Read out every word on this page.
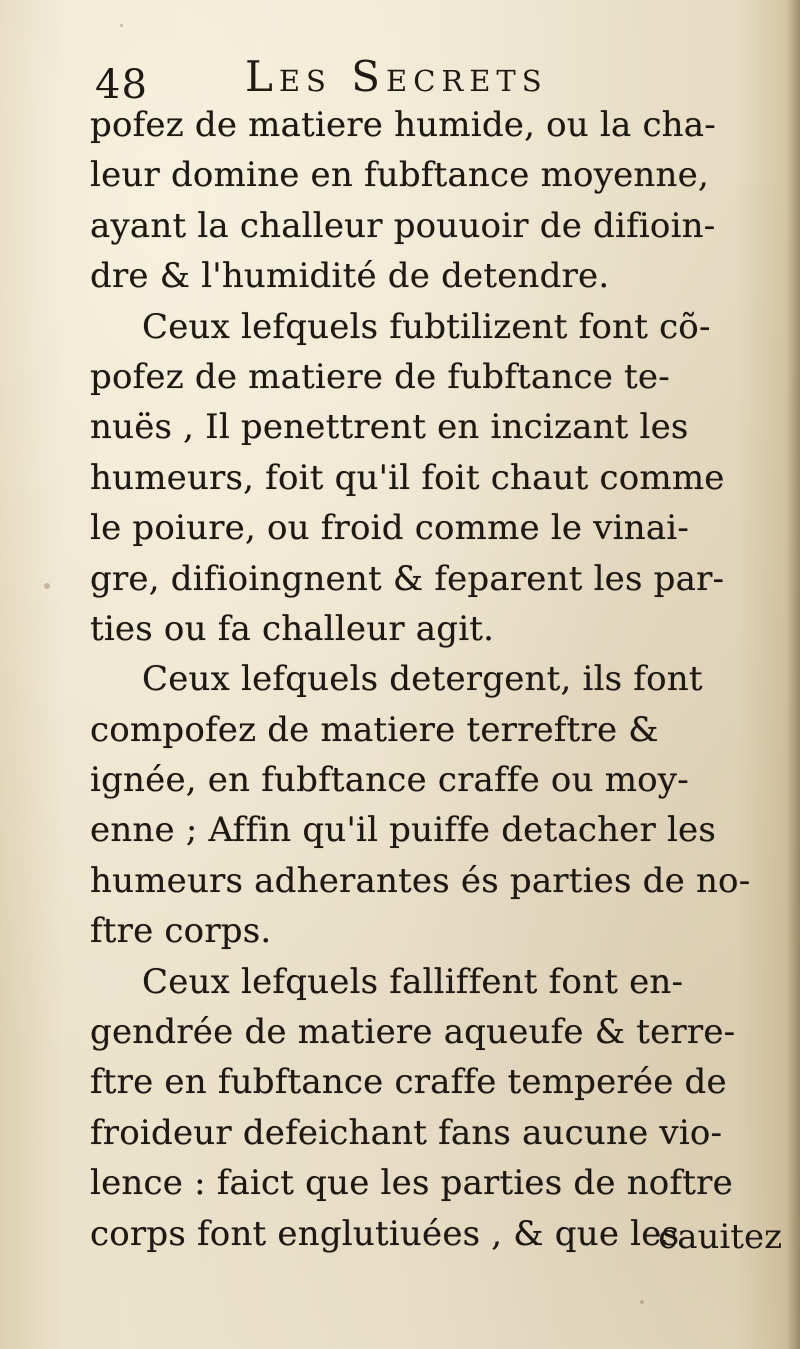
48 Les Secrets
pofez de matiere humide, ou la cha-
leur domine en fubftance moyenne,
ayant la challeur pouuoir de difioin-
dre & l'humidité de detendre.
Ceux lefquels fubtilizent font cõ-
pofez de matiere de fubftance te-
nuës , Il penettrent en incizant les
humeurs, foit qu'il foit chaut comme
le poiure, ou froid comme le vinai-
gre, difioingnent & feparent les par-
ties ou fa challeur agit.
Ceux lefquels detergent, ils font
compofez de matiere terreftre &
ignée, en fubftance craffe ou moy-
enne ; Affin qu'il puiffe detacher les
humeurs adherantes és parties de no-
ftre corps.
Ceux lefquels falliffent font en-
gendrée de matiere aqueufe & terre-
ftre en fubftance craffe temperée de
froideur defeichant fans aucune vio-
lence : faict que les parties de noftre
corps font englutiuées , & que les
cauitez
